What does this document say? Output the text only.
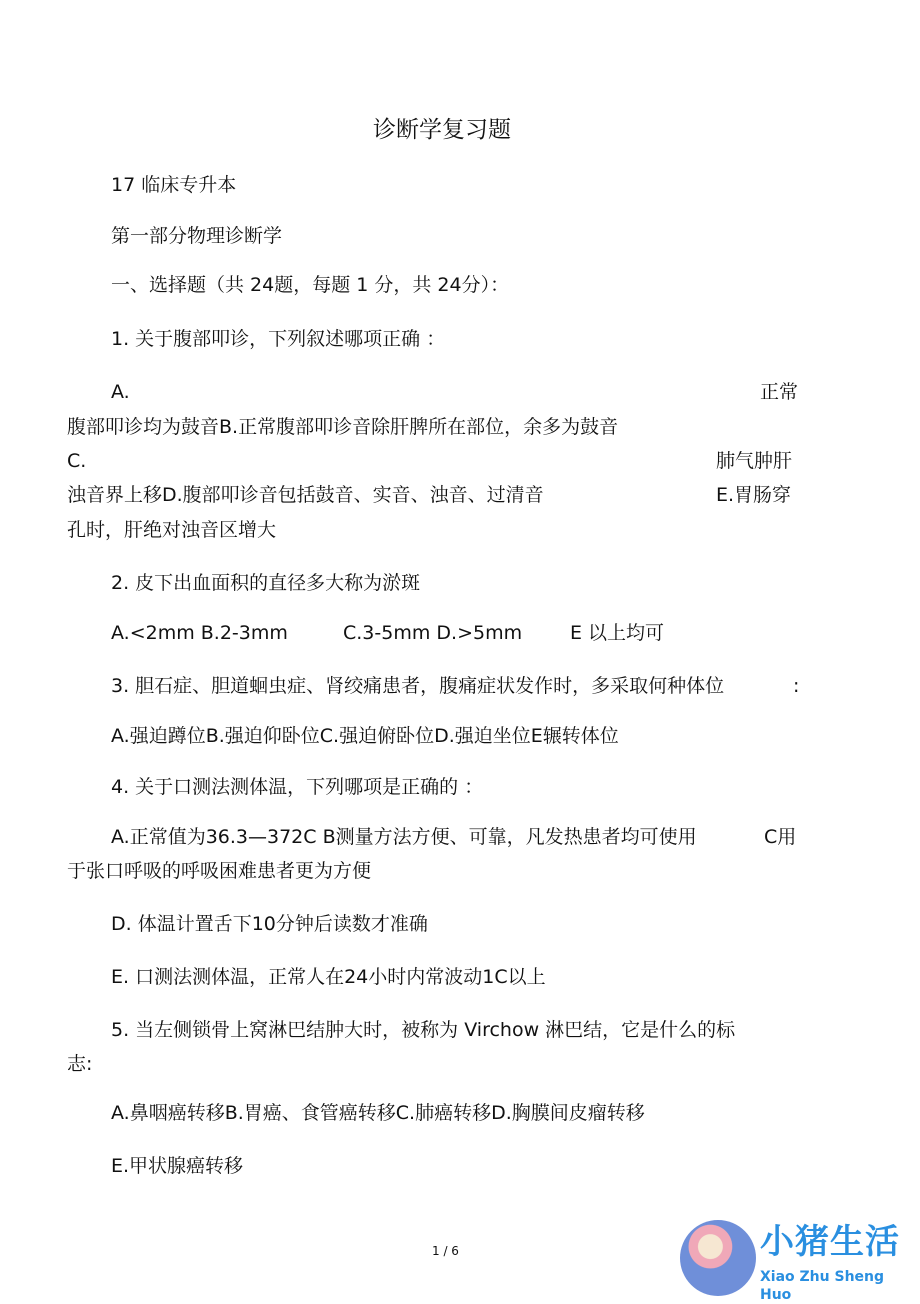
诊断学复习题
17 临床专升本
第一部分物理诊断学
一、选择题（共 24题，每题 1 分，共 24分）：
1. 关于腹部叩诊，下列叙述哪项正确 ：
A.	正常
腹部叩诊均为鼓音B.正常腹部叩诊音除肝脾所在部位，余多为鼓音
C.	肺气肿肝
浊音界上移D.腹部叩诊音包括鼓音、实音、浊音、过清音	E.胃肠穿
孔时，肝绝对浊音区增大
2. 皮下出血面积的直径多大称为淤斑
A.<2mm B.2-3mm	C.3-5mm D.>5mm	E 以上均可
3. 胆石症、胆道蛔虫症、肾绞痛患者，腹痛症状发作时，多采取何种体位	:
A.强迫蹲位B.强迫仰卧位C.强迫俯卧位D.强迫坐位E辗转体位
4. 关于口测法测体温，下列哪项是正确的 ：
A.正常值为36.3—372C B测量方法方便、可靠，凡发热患者均可使用	C用
于张口呼吸的呼吸困难患者更为方便
D. 体温计置舌下10分钟后读数才准确
E. 口测法测体温，正常人在24小时内常波动1C以上
5. 当左侧锁骨上窝淋巴结肿大时，被称为 Virchow 淋巴结，它是什么的标
志:
A.鼻咽癌转移B.胃癌、食管癌转移C.肺癌转移D.胸膜间皮瘤转移
E.甲状腺癌转移
1 / 6	小猪生活
Xiao Zhu Sheng Huo
